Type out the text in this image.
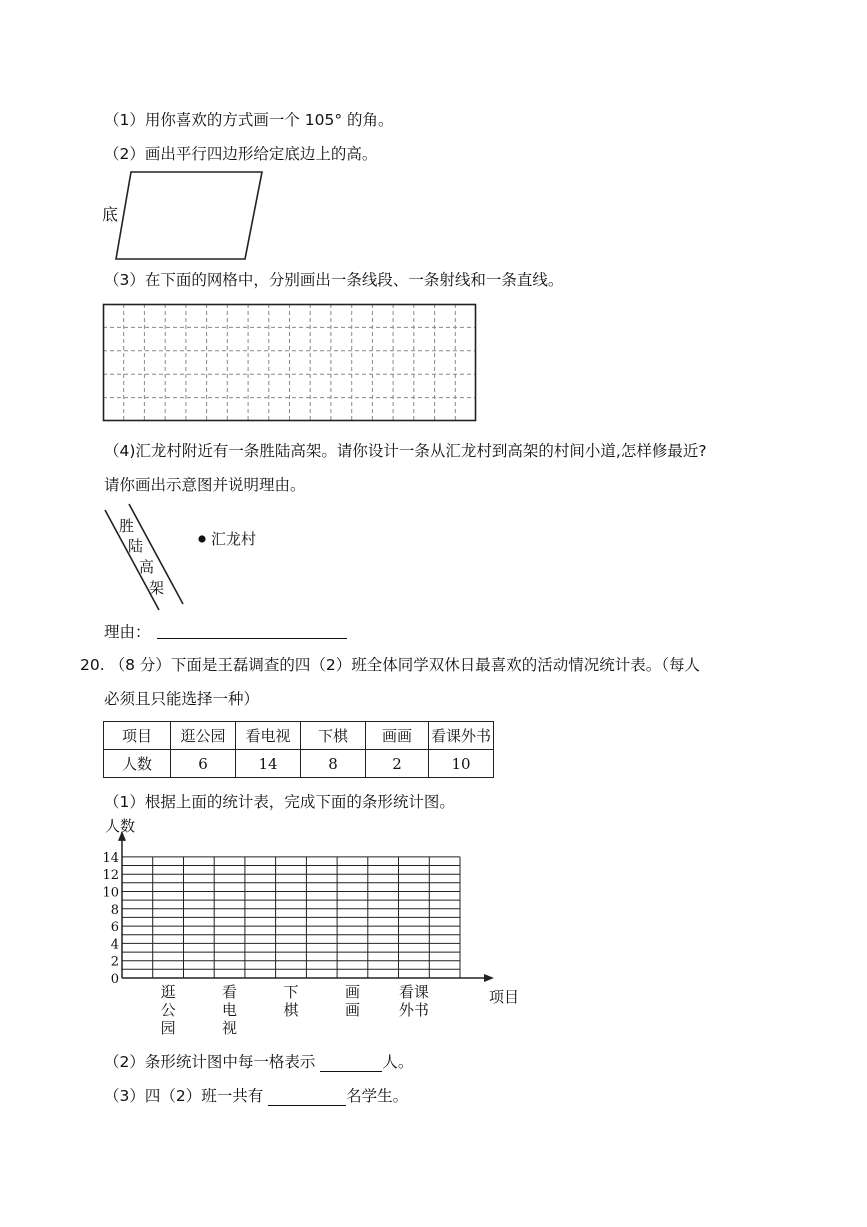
（1）用你喜欢的方式画一个 105° 的角。
（2）画出平行四边形给定底边上的高。
底
（3）在下面的网格中，分别画出一条线段、一条射线和一条直线。
（4)汇龙村附近有一条胜陆高架。请你设计一条从汇龙村到高架的村间小道,怎样修最近?
请你画出示意图并说明理由。
胜
陆
高
架
汇龙村
理由：
20. （8 分）下面是王磊调查的四（2）班全体同学双休日最喜欢的活动情况统计表。（每人
必须且只能选择一种）
项目	逛公园	看电视	下棋	画画	看课外书
人数	6	14	8	2	10
（1）根据上面的统计表，完成下面的条形统计图。
0
2
4
6
8
10
12
14
人数
项目
逛
公
园
看
电
视
下
棋
画
画
看课
外书
（2）条形统计图中每一格表示	人。
（3）四（2）班一共有	名学生。
